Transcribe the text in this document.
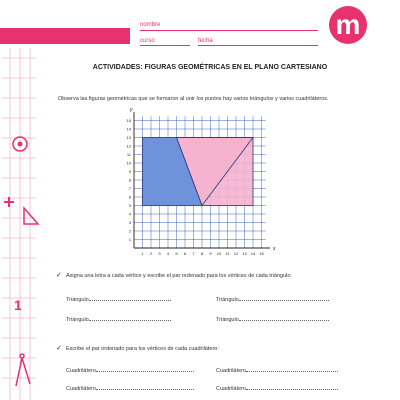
matemática • 5º básico
nombre
curso	fecha
m
1
ACTIVIDADES: FIGURAS GEOMÉTRICAS EN EL PLANO CARTESIANO
Observa las figuras geométricas que se formaron al unir los puntos hay varios triángulos y varios cuadriláteros.
1 2 3 4 5 6 7 8 9 10 11 12 13 14 15
1
2
3
4
5
6
7
8
9
10
11
12
13
14
15
x
y
✓ Asigna una letra a cada vértice y escribe el par ordenado para los vértices de cada triángulo:
Triángulo	Triángulo
Triángulo	Triángulo
✓ Escribe el par ordenado para los vértices de cada cuadrilátero:
Cuadrilátero	Cuadrilátero
Cuadrilátero	Cuadrilátero
